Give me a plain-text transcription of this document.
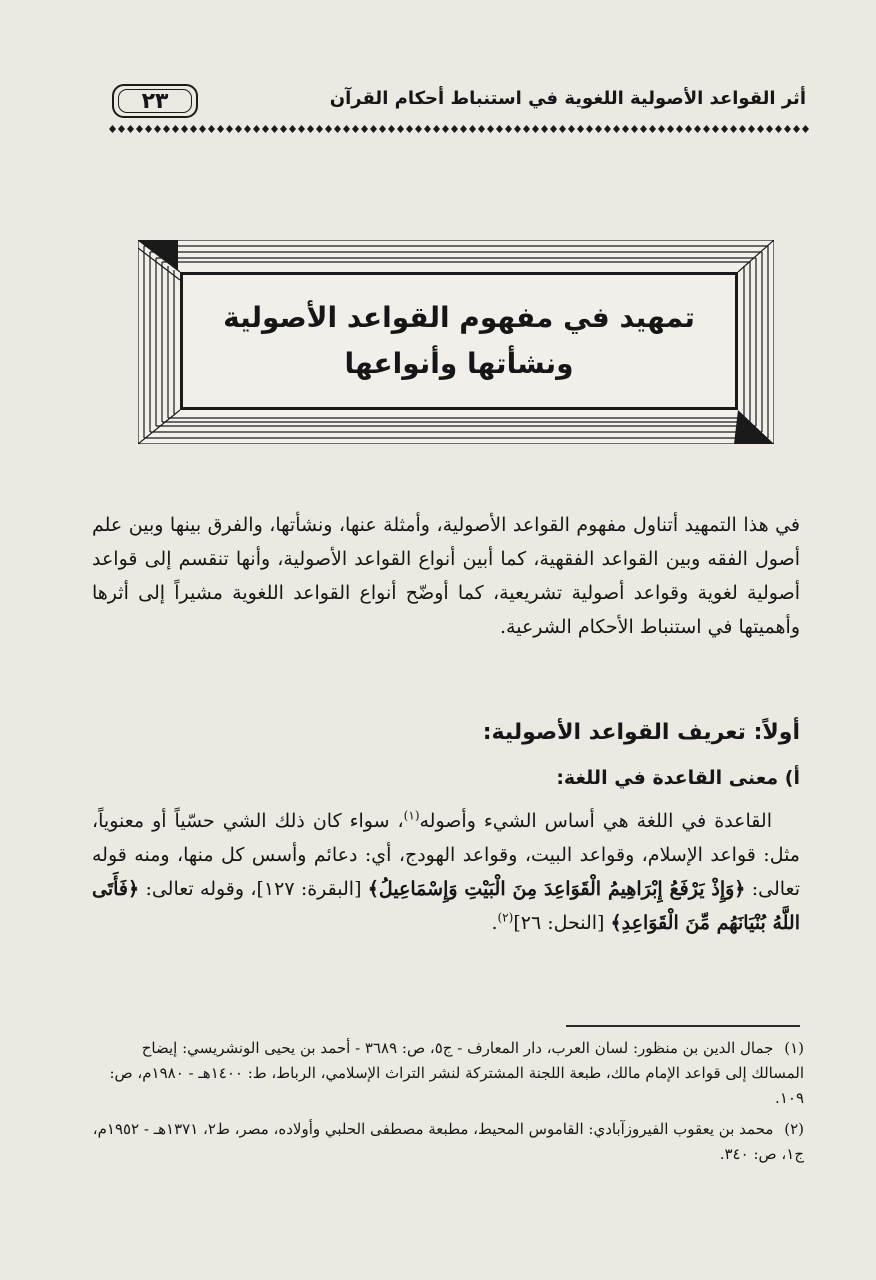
٢٣	أثر القواعد الأصولية اللغوية في استنباط أحكام القرآن
تمهيد في مفهوم القواعد الأصولية
ونشأتها وأنواعها

في هذا التمهيد أتناول مفهوم القواعد الأصولية، وأمثلة عنها، ونشأتها، والفرق بينها وبين علم أصول الفقه وبين القواعد الفقهية، كما أبين أنواع القواعد الأصولية، وأنها تنقسم إلى قواعد أصولية لغوية وقواعد أصولية تشريعية، كما أوضّح أنواع القواعد اللغوية مشيراً إلى أثرها وأهميتها في استنباط الأحكام الشرعية.

أولاً: تعريف القواعد الأصولية:
أ) معنى القاعدة في اللغة:

القاعدة في اللغة هي أساس الشيء وأصوله$^{(١)}$، سواء كان ذلك الشي حسّياً أو معنوياً، مثل: قواعد الإسلام، وقواعد البيت، وقواعد الهودج، أي: دعائم وأسس كل منها، ومنه قوله تعالى: ﴿وَإِذْ يَرْفَعُ إِبْرَاهِيمُ الْقَوَاعِدَ مِنَ الْبَيْتِ وَإِسْمَاعِيلُ﴾ [البقرة: ١٢٧]، وقوله تعالى: ﴿فَأَتَى اللَّهُ بُنْيَانَهُم مِّنَ الْقَوَاعِدِ﴾ [النحل: ٢٦]$^{(٢)}$.

(١) جمال الدين بن منظور: لسان العرب، دار المعارف - ج٥، ص: ٣٦٨٩ - أحمد بن يحيى الونشريسي: إيضاح المسالك إلى قواعد الإمام مالك، طبعة اللجنة المشتركة لنشر التراث الإسلامي، الرباط، ط: ١٤٠٠هـ - ١٩٨٠م، ص: ١٠٩.
(٢) محمد بن يعقوب الفيروزآبادي: القاموس المحيط، مطبعة مصطفى الحلبي وأولاده، مصر، ط٢، ١٣٧١هـ - ١٩٥٢م، ج١، ص: ٣٤٠.
